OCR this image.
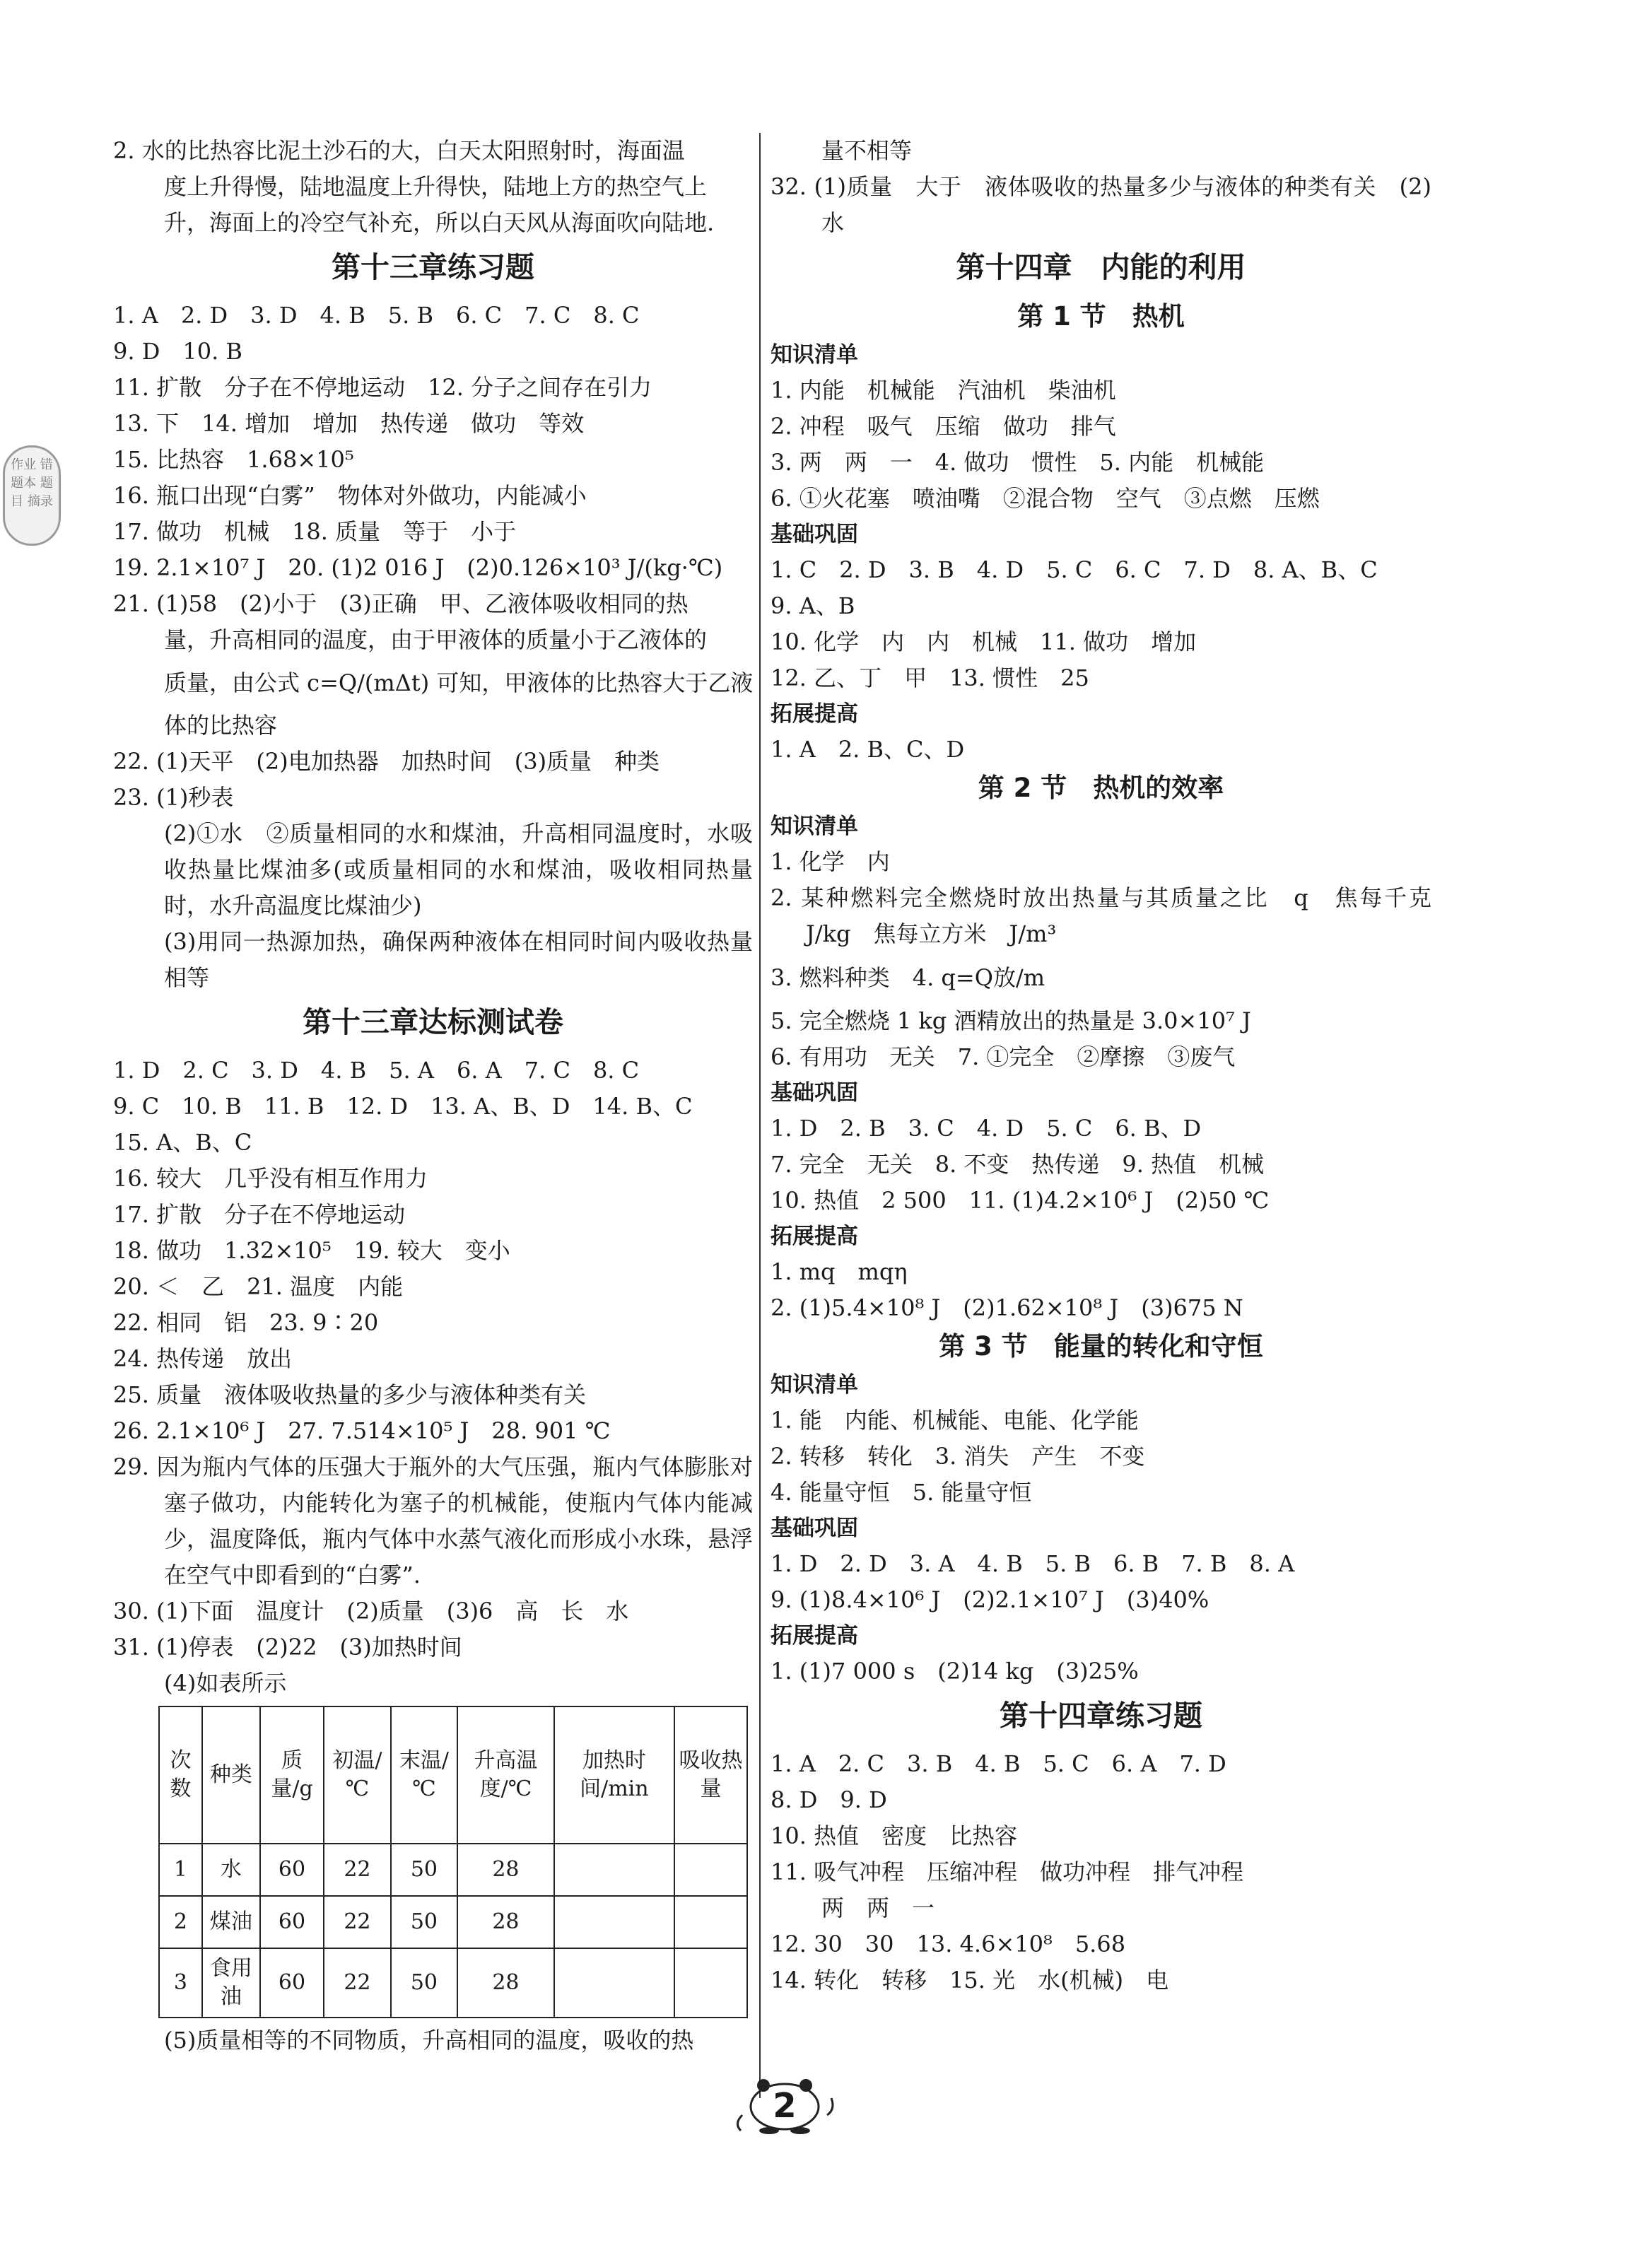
作业 错题本 题目 摘录
2. 水的比热容比泥土沙石的大，白天太阳照射时，海面温
度上升得慢，陆地温度上升得快，陆地上方的热空气上
升，海面上的冷空气补充，所以白天风从海面吹向陆地.
第十三章练习题
1. A　2. D　3. D　4. B　5. B　6. C　7. C　8. C
9. D　10. B
11. 扩散　分子在不停地运动　12. 分子之间存在引力
13. 下　14. 增加　增加　热传递　做功　等效
15. 比热容　1.68×10⁵
16. 瓶口出现“白雾”　物体对外做功，内能减小
17. 做功　机械　18. 质量　等于　小于
19. 2.1×10⁷ J　20. (1)2 016 J　(2)0.126×10³ J/(kg·℃)
21. (1)58　(2)小于　(3)正确　甲、乙液体吸收相同的热
量，升高相同的温度，由于甲液体的质量小于乙液体的
质量，由公式 c=Q/(mΔt) 可知，甲液体的比热容大于乙液
体的比热容
22. (1)天平　(2)电加热器　加热时间　(3)质量　种类
23. (1)秒表
(2)①水　②质量相同的水和煤油，升高相同温度时，水吸收热量比煤油多(或质量相同的水和煤油，吸收相同热量时，水升高温度比煤油少)
(3)用同一热源加热，确保两种液体在相同时间内吸收热量相等
第十三章达标测试卷
1. D　2. C　3. D　4. B　5. A　6. A　7. C　8. C
9. C　10. B　11. B　12. D　13. A、B、D　14. B、C
15. A、B、C
16. 较大　几乎没有相互作用力
17. 扩散　分子在不停地运动
18. 做功　1.32×10⁵　19. 较大　变小
20. ＜　乙　21. 温度　内能
22. 相同　铝　23. 9∶20
24. 热传递　放出
25. 质量　液体吸收热量的多少与液体种类有关
26. 2.1×10⁶ J　27. 7.514×10⁵ J　28. 901 ℃
29. 因为瓶内气体的压强大于瓶外的大气压强，瓶内气体膨胀对塞子做功，内能转化为塞子的机械能，使瓶内气体内能减少，温度降低，瓶内气体中水蒸气液化而形成小水珠，悬浮在空气中即看到的“白雾”.
30. (1)下面　温度计　(2)质量　(3)6　高　长　水
31. (1)停表　(2)22　(3)加热时间
(4)如表所示
次数	种类	质量/g	初温/℃	末温/℃	升高温度/℃	加热时间/min	吸收热量
1	水	60	22	50	28		
2	煤油	60	22	50	28		
3	食用油	60	22	50	28		
(5)质量相等的不同物质，升高相同的温度，吸收的热
量不相等
32. (1)质量　大于　液体吸收的热量多少与液体的种类有关　(2)水
第十四章　内能的利用
第 1 节　热机
知识清单
1. 内能　机械能　汽油机　柴油机
2. 冲程　吸气　压缩　做功　排气
3. 两　两　一　4. 做功　惯性　5. 内能　机械能
6. ①火花塞　喷油嘴　②混合物　空气　③点燃　压燃
基础巩固
1. C　2. D　3. B　4. D　5. C　6. C　7. D　8. A、B、C
9. A、B
10. 化学　内　内　机械　11. 做功　增加
12. 乙、丁　甲　13. 惯性　25
拓展提高
1. A　2. B、C、D
第 2 节　热机的效率
知识清单
1. 化学　内
2. 某种燃料完全燃烧时放出热量与其质量之比　q　焦每千克　J/kg　焦每立方米　J/m³
3. 燃料种类　4. q=Q放/m
5. 完全燃烧 1 kg 酒精放出的热量是 3.0×10⁷ J
6. 有用功　无关　7. ①完全　②摩擦　③废气
基础巩固
1. D　2. B　3. C　4. D　5. C　6. B、D
7. 完全　无关　8. 不变　热传递　9. 热值　机械
10. 热值　2 500　11. (1)4.2×10⁶ J　(2)50 ℃
拓展提高
1. mq　mqη
2. (1)5.4×10⁸ J　(2)1.62×10⁸ J　(3)675 N
第 3 节　能量的转化和守恒
知识清单
1. 能　内能、机械能、电能、化学能
2. 转移　转化　3. 消失　产生　不变
4. 能量守恒　5. 能量守恒
基础巩固
1. D　2. D　3. A　4. B　5. B　6. B　7. B　8. A
9. (1)8.4×10⁶ J　(2)2.1×10⁷ J　(3)40%
拓展提高
1. (1)7 000 s　(2)14 kg　(3)25%
第十四章练习题
1. A　2. C　3. B　4. B　5. C　6. A　7. D
8. D　9. D
10. 热值　密度　比热容
11. 吸气冲程　压缩冲程　做功冲程　排气冲程
两　两　一
12. 30　30　13. 4.6×10⁸　5.68
14. 转化　转移　15. 光　水(机械)　电
2
